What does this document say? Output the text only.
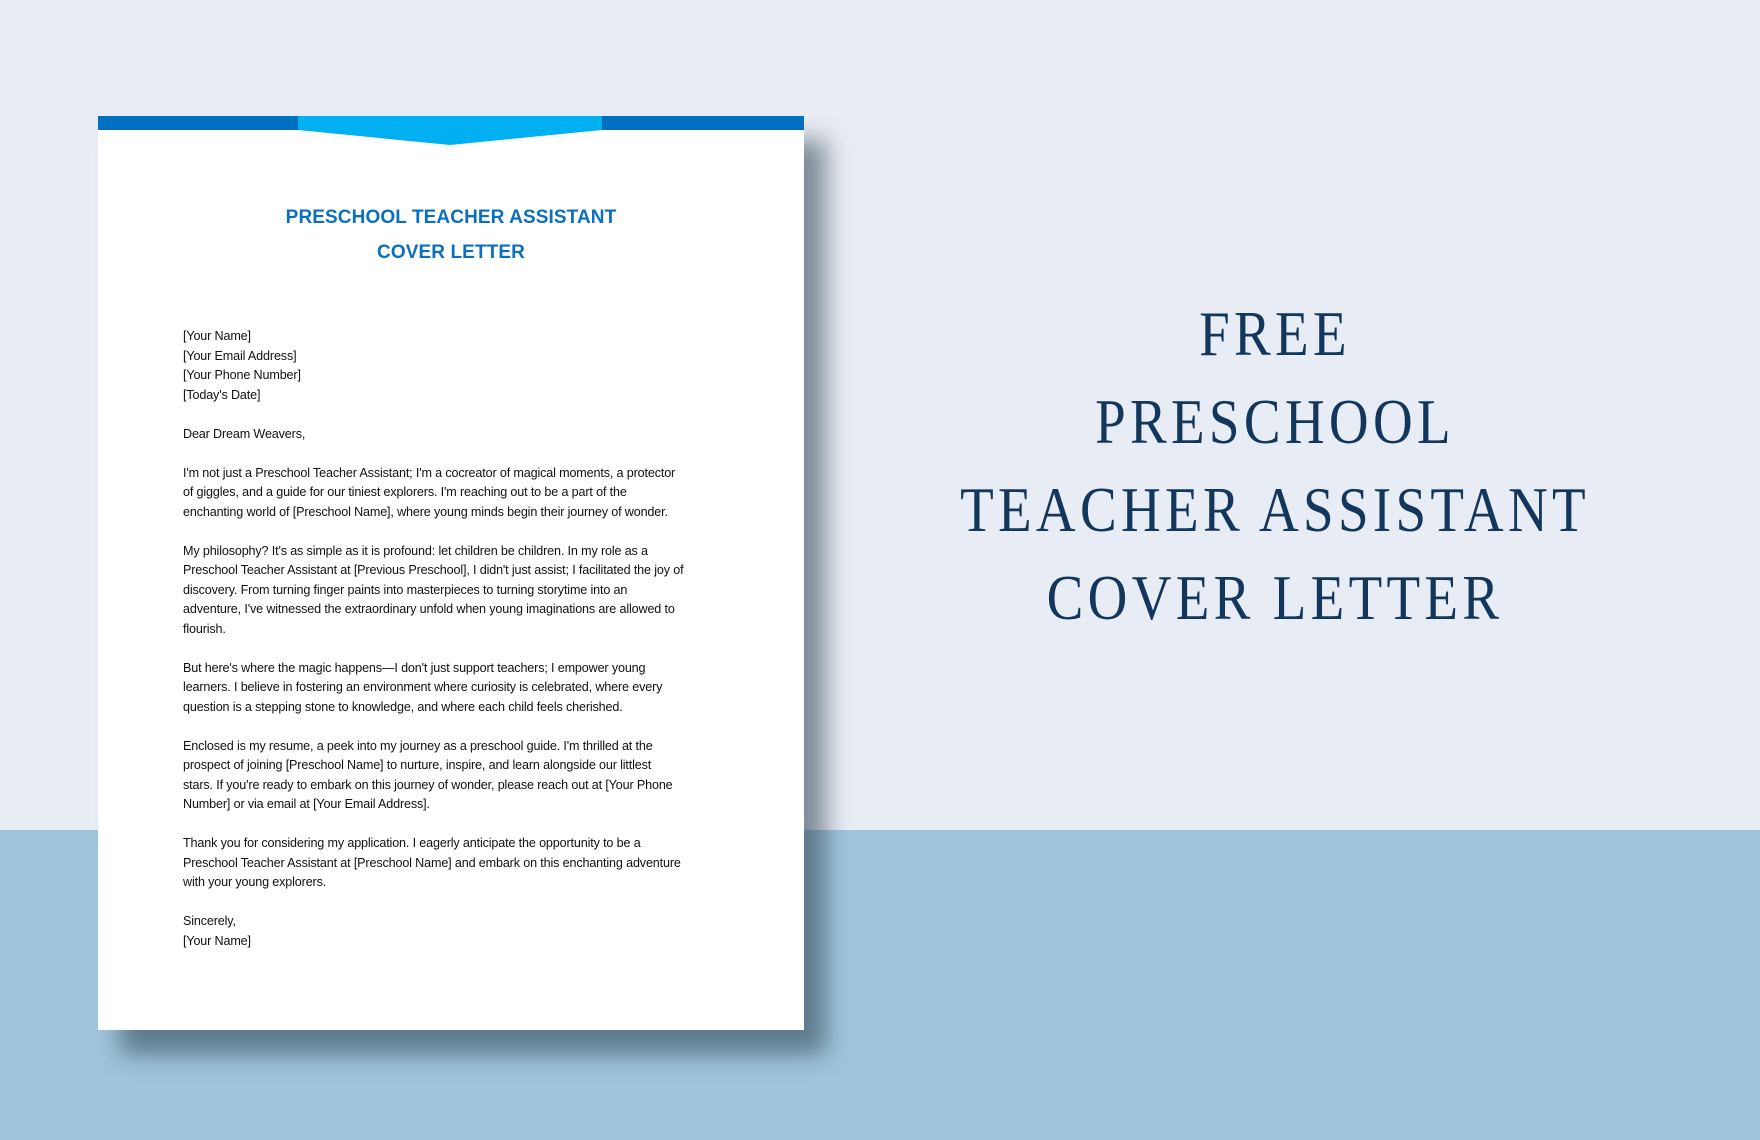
PRESCHOOL TEACHER ASSISTANT
COVER LETTER
[Your Name]
[Your Email Address]
[Your Phone Number]
[Today's Date]
Dear Dream Weavers,
I'm not just a Preschool Teacher Assistant; I'm a cocreator of magical moments, a protector
of giggles, and a guide for our tiniest explorers. I'm reaching out to be a part of the
enchanting world of [Preschool Name], where young minds begin their journey of wonder.
My philosophy? It's as simple as it is profound: let children be children. In my role as a
Preschool Teacher Assistant at [Previous Preschool], I didn't just assist; I facilitated the joy of
discovery. From turning finger paints into masterpieces to turning storytime into an
adventure, I've witnessed the extraordinary unfold when young imaginations are allowed to
flourish.
But here's where the magic happens—I don't just support teachers; I empower young
learners. I believe in fostering an environment where curiosity is celebrated, where every
question is a stepping stone to knowledge, and where each child feels cherished.
Enclosed is my resume, a peek into my journey as a preschool guide. I'm thrilled at the
prospect of joining [Preschool Name] to nurture, inspire, and learn alongside our littlest
stars. If you're ready to embark on this journey of wonder, please reach out at [Your Phone
Number] or via email at [Your Email Address].
Thank you for considering my application. I eagerly anticipate the opportunity to be a
Preschool Teacher Assistant at [Preschool Name] and embark on this enchanting adventure
with your young explorers.
Sincerely,
[Your Name]
FREE
PRESCHOOL
TEACHER ASSISTANT
COVER LETTER
